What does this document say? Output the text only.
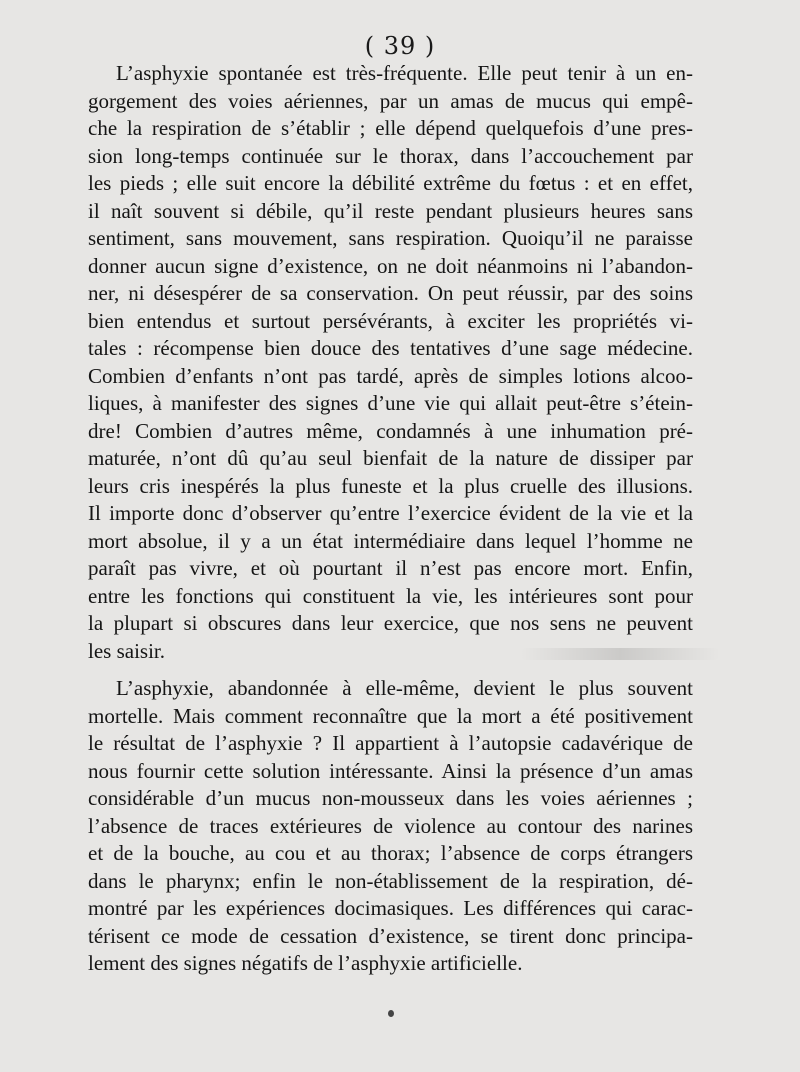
( 39 )
L’asphyxie spontanée est très-fréquente. Elle peut tenir à un en-
gorgement des voies aériennes, par un amas de mucus qui empê-
che la respiration de s’établir ; elle dépend quelquefois d’une pres-
sion long-temps continuée sur le thorax, dans l’accouchement par
les pieds ; elle suit encore la débilité extrême du fœtus : et en effet,
il naît souvent si débile, qu’il reste pendant plusieurs heures sans
sentiment, sans mouvement, sans respiration. Quoiqu’il ne paraisse
donner aucun signe d’existence, on ne doit néanmoins ni l’abandon-
ner, ni désespérer de sa conservation. On peut réussir, par des soins
bien entendus et surtout persévérants, à exciter les propriétés vi-
tales : récompense bien douce des tentatives d’une sage médecine.
Combien d’enfants n’ont pas tardé, après de simples lotions alcoo-
liques, à manifester des signes d’une vie qui allait peut-être s’étein-
dre! Combien d’autres même, condamnés à une inhumation pré-
maturée, n’ont dû qu’au seul bienfait de la nature de dissiper par
leurs cris inespérés la plus funeste et la plus cruelle des illusions.
Il importe donc d’observer qu’entre l’exercice évident de la vie et la
mort absolue, il y a un état intermédiaire dans lequel l’homme ne
paraît pas vivre, et où pourtant il n’est pas encore mort. Enfin,
entre les fonctions qui constituent la vie, les intérieures sont pour
la plupart si obscures dans leur exercice, que nos sens ne peuvent
les saisir.
L’asphyxie, abandonnée à elle-même, devient le plus souvent
mortelle. Mais comment reconnaître que la mort a été positivement
le résultat de l’asphyxie ? Il appartient à l’autopsie cadavérique de
nous fournir cette solution intéressante. Ainsi la présence d’un amas
considérable d’un mucus non-mousseux dans les voies aériennes ;
l’absence de traces extérieures de violence au contour des narines
et de la bouche, au cou et au thorax; l’absence de corps étrangers
dans le pharynx; enfin le non-établissement de la respiration, dé-
montré par les expériences docimasiques. Les différences qui carac-
térisent ce mode de cessation d’existence, se tirent donc principa-
lement des signes négatifs de l’asphyxie artificielle.
